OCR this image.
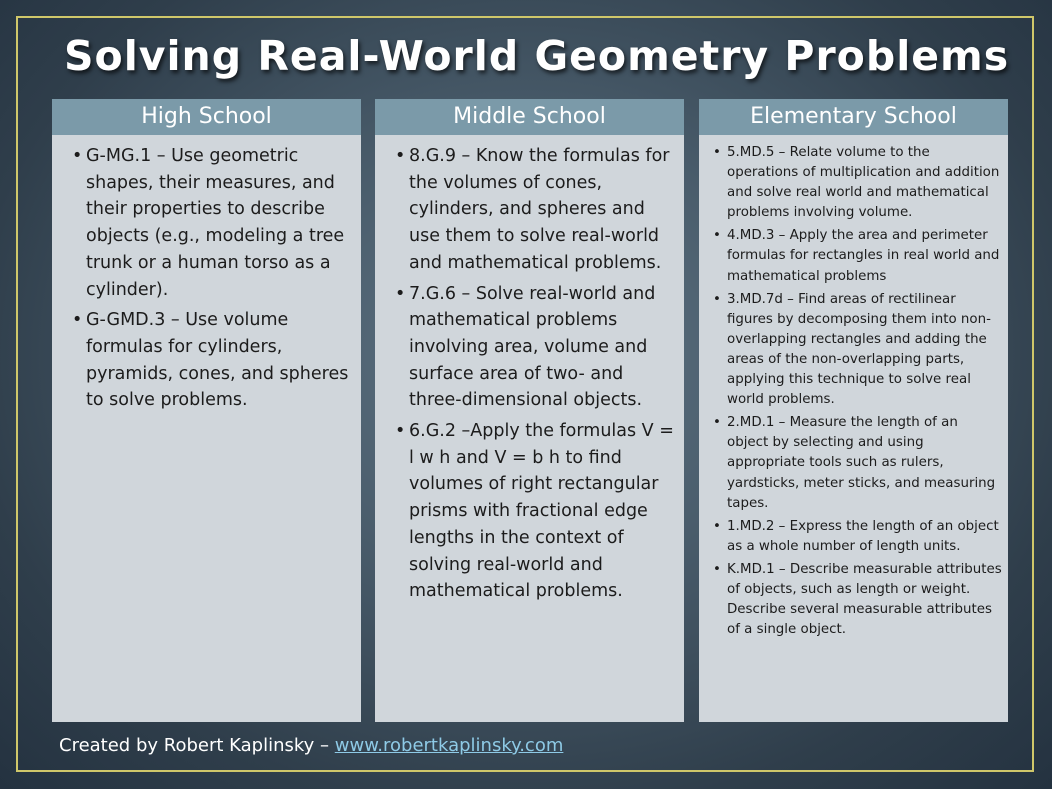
Solving Real-World Geometry Problems
High School
• G-MG.1 – Use geometric shapes, their measures, and their properties to describe objects (e.g., modeling a tree trunk or a human torso as a cylinder).
• G-GMD.3 – Use volume formulas for cylinders, pyramids, cones, and spheres to solve problems.
Middle School
• 8.G.9 – Know the formulas for the volumes of cones, cylinders, and spheres and use them to solve real-world and mathematical problems.
• 7.G.6 – Solve real-world and mathematical problems involving area, volume and surface area of two- and three-dimensional objects.
• 6.G.2 –Apply the formulas V = l w h and V = b h to find volumes of right rectangular prisms with fractional edge lengths in the context of solving real-world and mathematical problems.
Elementary School
• 5.MD.5 – Relate volume to the operations of multiplication and addition and solve real world and mathematical problems involving volume.
• 4.MD.3 – Apply the area and perimeter formulas for rectangles in real world and mathematical problems
• 3.MD.7d – Find areas of rectilinear figures by decomposing them into non-overlapping rectangles and adding the areas of the non-overlapping parts, applying this technique to solve real world problems.
• 2.MD.1 – Measure the length of an object by selecting and using appropriate tools such as rulers, yardsticks, meter sticks, and measuring tapes.
• 1.MD.2 – Express the length of an object as a whole number of length units.
• K.MD.1 – Describe measurable attributes of objects, such as length or weight. Describe several measurable attributes of a single object.
Created by Robert Kaplinsky – www.robertkaplinsky.com
